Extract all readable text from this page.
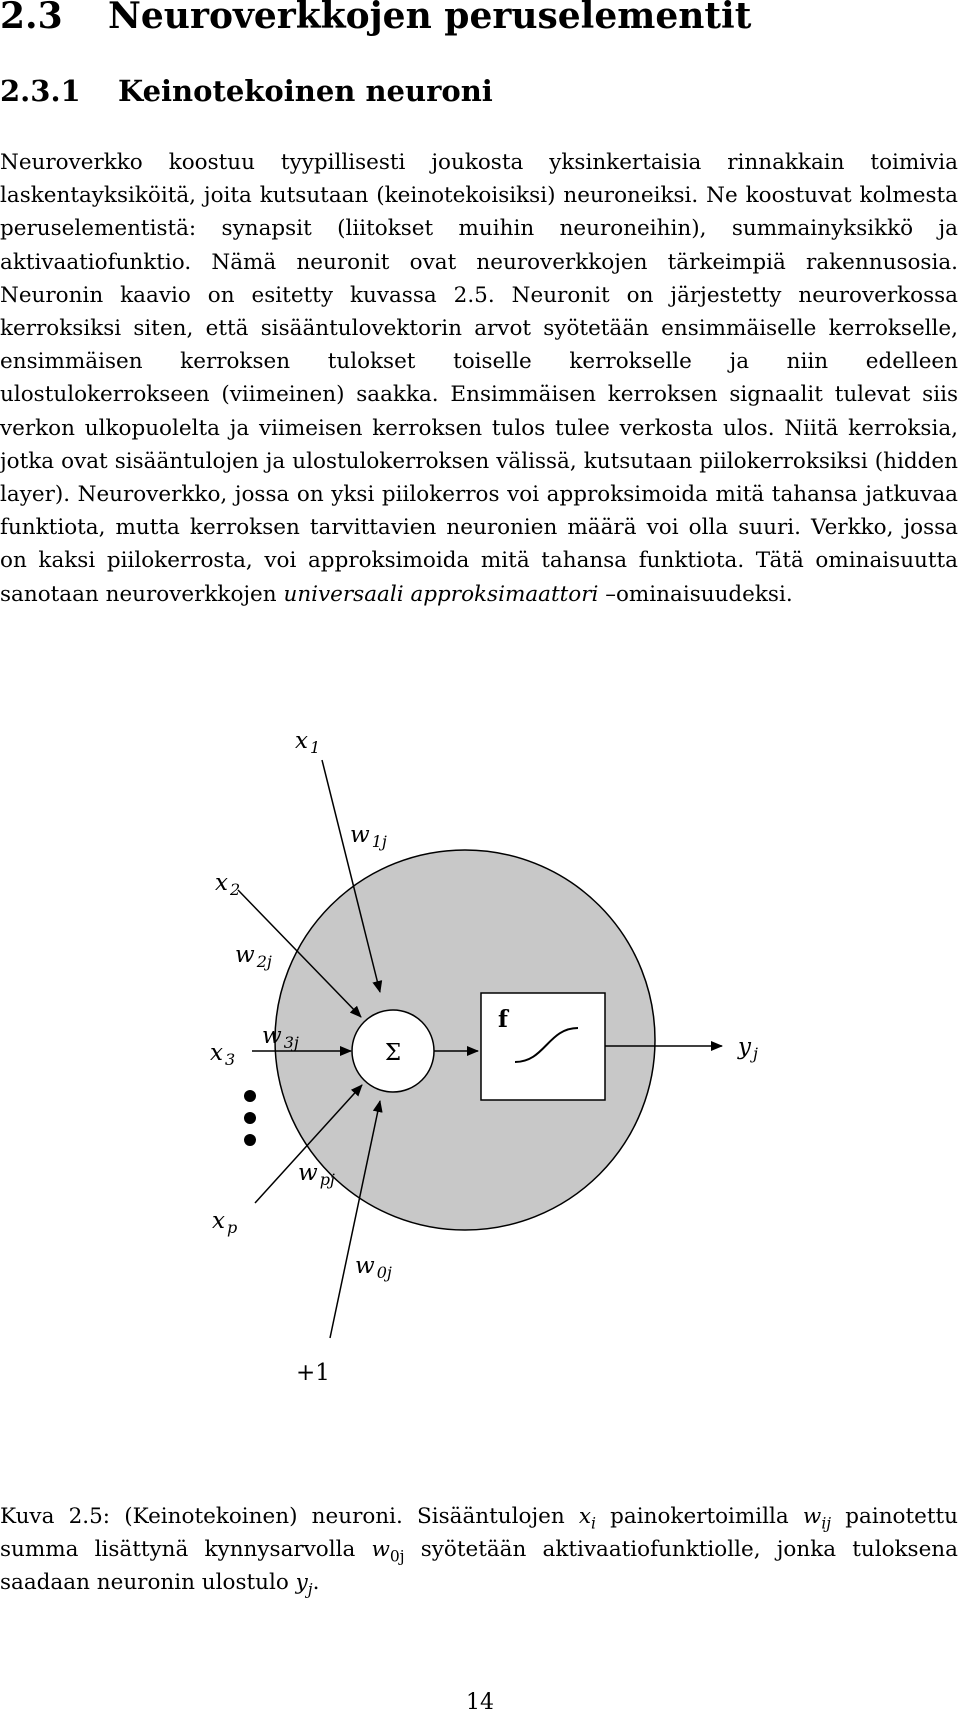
2.3 Neuroverkkojen peruselementit
2.3.1 Keinotekoinen neuroni

Neuroverkko koostuu tyypillisesti joukosta yksinkertaisia rinnakkain toimivia laskentayksiköitä, joita kutsutaan (keinotekoisiksi) neuroneiksi. Ne koostuvat kolmesta peruselementistä: synapsit (liitokset muihin neuroneihin), summainyksikkö ja aktivaatiofunktio. Nämä neuronit ovat neuroverkkojen tärkeimpiä rakennusosia. Neuronin kaavio on esitetty kuvassa 2.5. Neuronit on järjestetty neuroverkossa kerroksiksi siten, että sisääntulovektorin arvot syötetään ensimmäiselle kerrokselle, ensimmäisen kerroksen tulokset toiselle kerrokselle ja niin edelleen ulostulokerrokseen (viimeinen) saakka. Ensimmäisen kerroksen signaalit tulevat siis verkon ulkopuolelta ja viimeisen kerroksen tulos tulee verkosta ulos. Niitä kerroksia, jotka ovat sisääntulojen ja ulostulokerroksen välissä, kutsutaan piilokerroksiksi (hidden layer). Neuroverkko, jossa on yksi piilokerros voi approksimoida mitä tahansa jatkuvaa funktiota, mutta kerroksen tarvittavien neuronien määrä voi olla suuri. Verkko, jossa on kaksi piilokerrosta, voi approksimoida mitä tahansa funktiota. Tätä ominaisuutta sanotaan neuroverkkojen universaali approksimaattori –ominaisuudeksi.

Σ
f
x $_1$
w $_{1j}$
x $_2$
w $_{2j}$
x $_3$
w $_{3j}$
w $_{pj}$
x $_p$
w $_{0j}$
+1
y $_j$

Kuva 2.5: (Keinotekoinen) neuroni. Sisääntulojen $x_i$ painokertoimilla $w_{ij}$ painotettu summa lisättynä kynnysarvolla $w_{0j}$ syötetään aktivaatiofunktiolle, jonka tuloksena saadaan neuronin ulostulo $y_j$.

14
